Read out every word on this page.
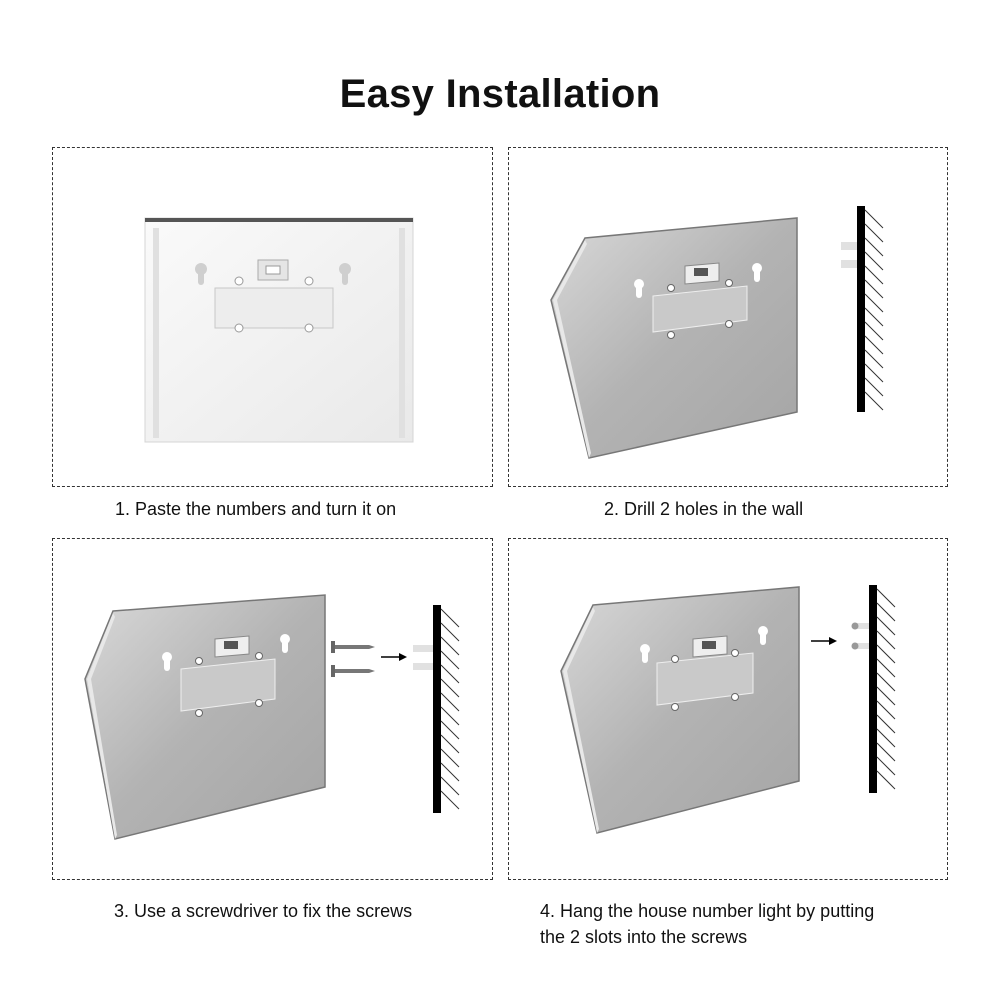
Easy Installation
1. Paste the numbers and turn it on	2. Drill 2 holes in the wall
3. Use a screwdriver to fix the screws	4. Hang the house number light by putting
the 2 slots into the screws
